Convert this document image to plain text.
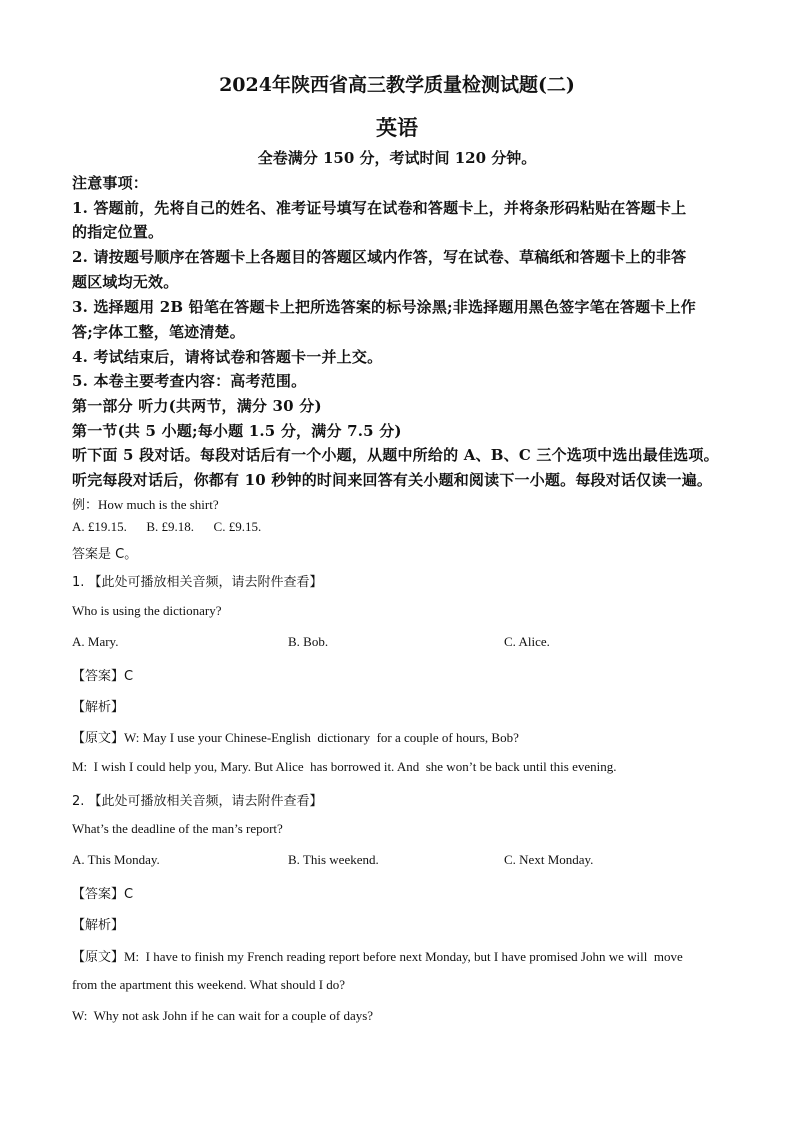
2024年陕西省高三教学质量检测试题(二)
英语
全卷满分 150 分，考试时间 120 分钟。
注意事项：
1. 答题前，先将自己的姓名、准考证号填写在试卷和答题卡上，并将条形码粘贴在答题卡上
的指定位置。
2. 请按题号顺序在答题卡上各题目的答题区域内作答，写在试卷、草稿纸和答题卡上的非答
题区域均无效。
3. 选择题用 2B 铅笔在答题卡上把所选答案的标号涂黑;非选择题用黑色签字笔在答题卡上作
答;字体工整，笔迹清楚。
4. 考试结束后，请将试卷和答题卡一并上交。
5. 本卷主要考查内容：高考范围。
第一部分 听力(共两节，满分 30 分)
第一节(共 5 小题;每小题 1.5 分，满分 7.5 分)
听下面 5 段对话。每段对话后有一个小题，从题中所给的 A、B、C 三个选项中选出最佳选项。
听完每段对话后，你都有 10 秒钟的时间来回答有关小题和阅读下一小题。每段对话仅读一遍。
例：How much is the shirt?
A. £19.15.      B. £9.18.      C. £9.15.
答案是 C。
1. 【此处可播放相关音频，请去附件查看】
Who is using the dictionary?
A. Mary.	B. Bob.	C. Alice.
【答案】C
【解析】
【原文】W: May I use your Chinese-English  dictionary  for a couple of hours, Bob?
M:  I wish I could help you, Mary. But Alice  has borrowed it. And  she won’t be back until this evening.
2. 【此处可播放相关音频，请去附件查看】
What’s the deadline of the man’s report?
A. This Monday.	B. This weekend.	C. Next Monday.
【答案】C
【解析】
【原文】M:  I have to finish my French reading report before next Monday, but I have promised John we will  move
from the apartment this weekend. What should I do?
W:  Why not ask John if he can wait for a couple of days?
